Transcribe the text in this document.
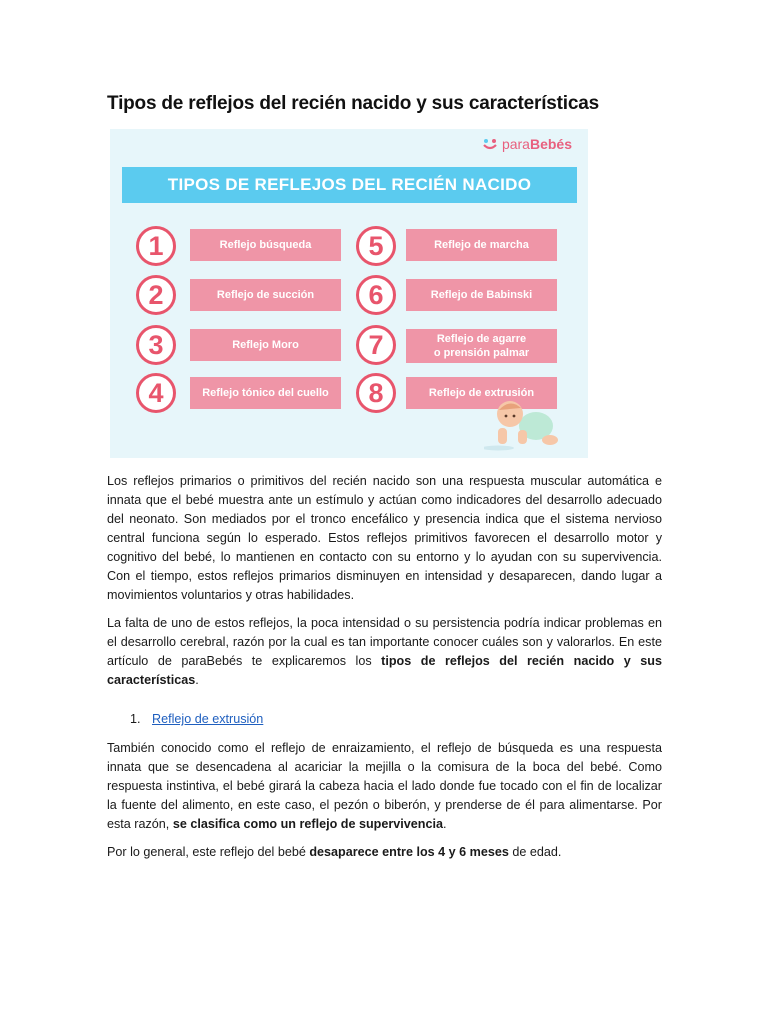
Tipos de reflejos del recién nacido y sus características
paraBebés
TIPOS DE REFLEJOS DEL RECIÉN NACIDO
1	Reflejo búsqueda
2	Reflejo de succión
3	Reflejo Moro
4	Reflejo tónico del cuello
5	Reflejo de marcha
6	Reflejo de Babinski
7	Reflejo de agarre
o prensión palmar
8	Reflejo de extrusión

Los reflejos primarios o primitivos del recién nacido son una respuesta muscular automática e innata que el bebé muestra ante un estímulo y actúan como indicadores del desarrollo adecuado del neonato. Son mediados por el tronco encefálico y presencia indica que el sistema nervioso central funciona según lo esperado. Estos reflejos primitivos favorecen el desarrollo motor y cognitivo del bebé, lo mantienen en contacto con su entorno y lo ayudan con su supervivencia. Con el tiempo, estos reflejos primarios disminuyen en intensidad y desaparecen, dando lugar a movimientos voluntarios y otras habilidades.

La falta de uno de estos reflejos, la poca intensidad o su persistencia podría indicar problemas en el desarrollo cerebral, razón por la cual es tan importante conocer cuáles son y valorarlos. En este artículo de paraBebés te explicaremos los tipos de reflejos del recién nacido y sus características.

1. Reflejo de extrusión

También conocido como el reflejo de enraizamiento, el reflejo de búsqueda es una respuesta innata que se desencadena al acariciar la mejilla o la comisura de la boca del bebé. Como respuesta instintiva, el bebé girará la cabeza hacia el lado donde fue tocado con el fin de localizar la fuente del alimento, en este caso, el pezón o biberón, y prenderse de él para alimentarse. Por esta razón, se clasifica como un reflejo de supervivencia.

Por lo general, este reflejo del bebé desaparece entre los 4 y 6 meses de edad.
